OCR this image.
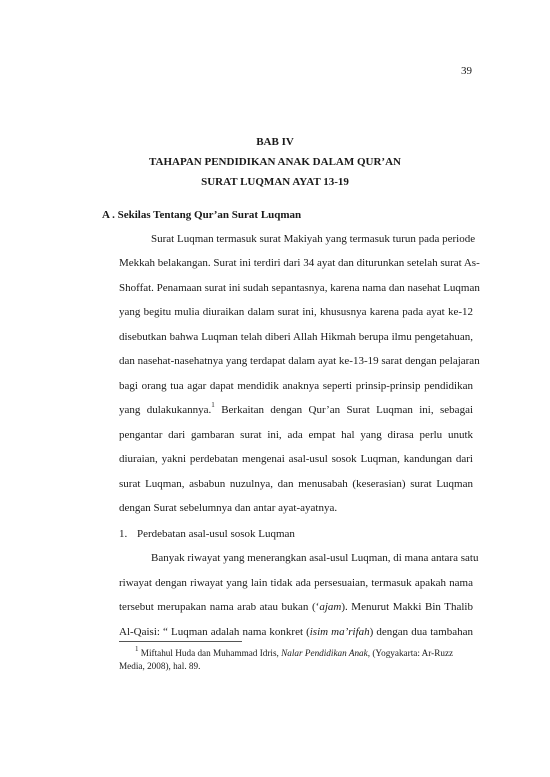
39
BAB IV
TAHAPAN PENDIDIKAN ANAK DALAM QUR’AN
SURAT LUQMAN AYAT 13-19
A . Sekilas Tentang Qur’an Surat Luqman
Surat Luqman termasuk surat Makiyah yang termasuk turun pada periode
Mekkah belakangan. Surat ini terdiri dari 34 ayat dan diturunkan setelah surat As-
Shoffat. Penamaan surat ini sudah sepantasnya, karena nama dan nasehat Luqman
yang begitu mulia diuraikan dalam surat ini, khususnya karena pada ayat ke-12
disebutkan bahwa Luqman telah diberi Allah Hikmah berupa ilmu pengetahuan,
dan nasehat-nasehatnya yang terdapat dalam ayat ke-13-19 sarat dengan pelajaran
bagi orang tua agar dapat mendidik anaknya seperti prinsip-prinsip pendidikan
yang dulakukannya.$^1$ Berkaitan dengan Qur’an Surat Luqman ini, sebagai
pengantar dari gambaran surat ini, ada empat hal yang dirasa perlu unutk
diuraian, yakni perdebatan mengenai asal-usul sosok Luqman, kandungan dari
surat Luqman, asbabun nuzulnya, dan menusabah (keserasian) surat Luqman
dengan Surat sebelumnya dan antar ayat-ayatnya.
1. Perdebatan asal-usul sosok Luqman
Banyak riwayat yang menerangkan asal-usul Luqman, di mana antara satu
riwayat dengan riwayat yang lain tidak ada persesuaian, termasuk apakah nama
tersebut merupakan nama arab atau bukan (‘ajam). Menurut Makki Bin Thalib
Al-Qaisi: “ Luqman adalah nama konkret (isim ma’rifah) dengan dua tambahan
$^1$ Miftahul Huda dan Muhammad Idris, Nalar Pendidikan Anak, (Yogyakarta: Ar-Ruzz
Media, 2008), hal. 89.
